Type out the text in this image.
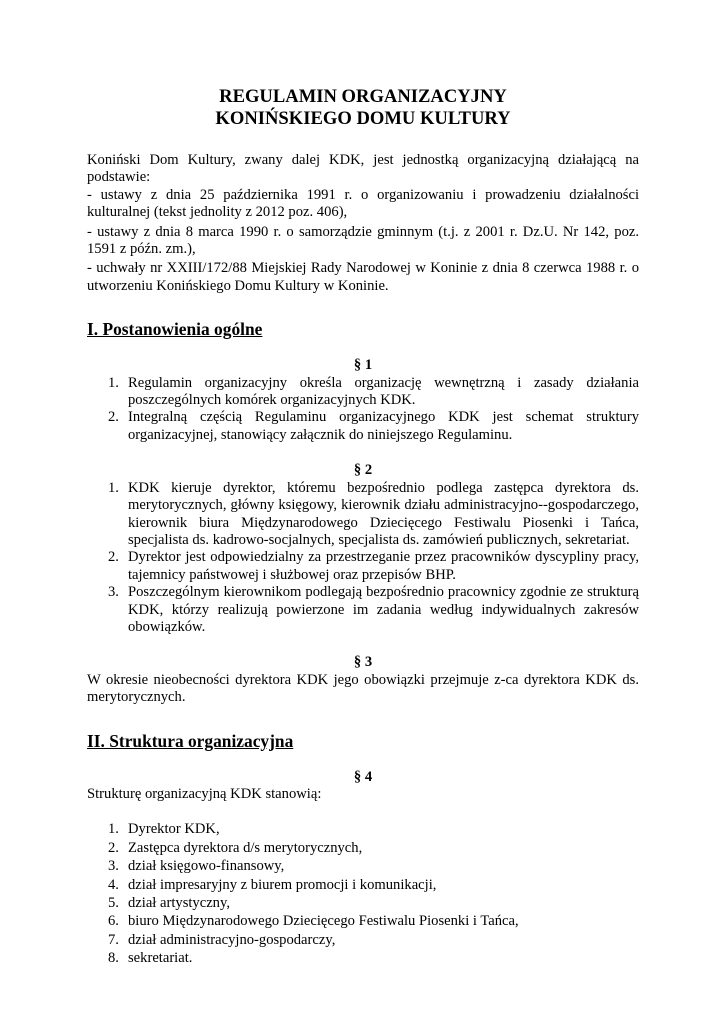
REGULAMIN ORGANIZACYJNY

KONIŃSKIEGO DOMU KULTURY

Koniński Dom Kultury, zwany dalej KDK, jest jednostką organizacyjną działającą na podstawie:

- ustawy z dnia 25 października 1991 r. o organizowaniu i prowadzeniu działalności kulturalnej (tekst jednolity z 2012 poz. 406),

- ustawy z dnia 8 marca 1990 r. o samorządzie gminnym (t.j. z 2001 r. Dz.U. Nr 142, poz. 1591 z późn. zm.),

- uchwały nr XXIII/172/88 Miejskiej Rady Narodowej w Koninie z dnia 8 czerwca 1988 r. o utworzeniu Konińskiego Domu Kultury w Koninie.

I. Postanowienia ogólne

§ 1

1. Regulamin organizacyjny określa organizację wewnętrzną i zasady działania poszczególnych komórek organizacyjnych KDK.
2. Integralną częścią Regulaminu organizacyjnego KDK jest schemat struktury organizacyjnej, stanowiący załącznik do niniejszego Regulaminu.

§ 2

1. KDK kieruje dyrektor, któremu bezpośrednio podlega zastępca dyrektora ds. merytorycznych, główny księgowy, kierownik działu administracyjno--gospodarczego, kierownik biura Międzynarodowego Dziecięcego Festiwalu Piosenki i Tańca, specjalista ds. kadrowo-socjalnych, specjalista ds. zamówień publicznych, sekretariat.
2. Dyrektor jest odpowiedzialny za przestrzeganie przez pracowników dyscypliny pracy, tajemnicy państwowej i służbowej oraz przepisów BHP.
3. Poszczególnym kierownikom podlegają bezpośrednio pracownicy zgodnie ze strukturą KDK, którzy realizują powierzone im zadania według indywidualnych zakresów obowiązków.

§ 3

W okresie nieobecności dyrektora KDK jego obowiązki przejmuje z-ca dyrektora KDK ds. merytorycznych.

II. Struktura organizacyjna

§ 4

Strukturę organizacyjną KDK stanowią:

1. Dyrektor KDK,
2. Zastępca dyrektora d/s merytorycznych,
3. dział księgowo-finansowy,
4. dział impresaryjny z biurem promocji i komunikacji,
5. dział artystyczny,
6. biuro Międzynarodowego Dziecięcego Festiwalu Piosenki i Tańca,
7. dział administracyjno-gospodarczy,
8. sekretariat.
